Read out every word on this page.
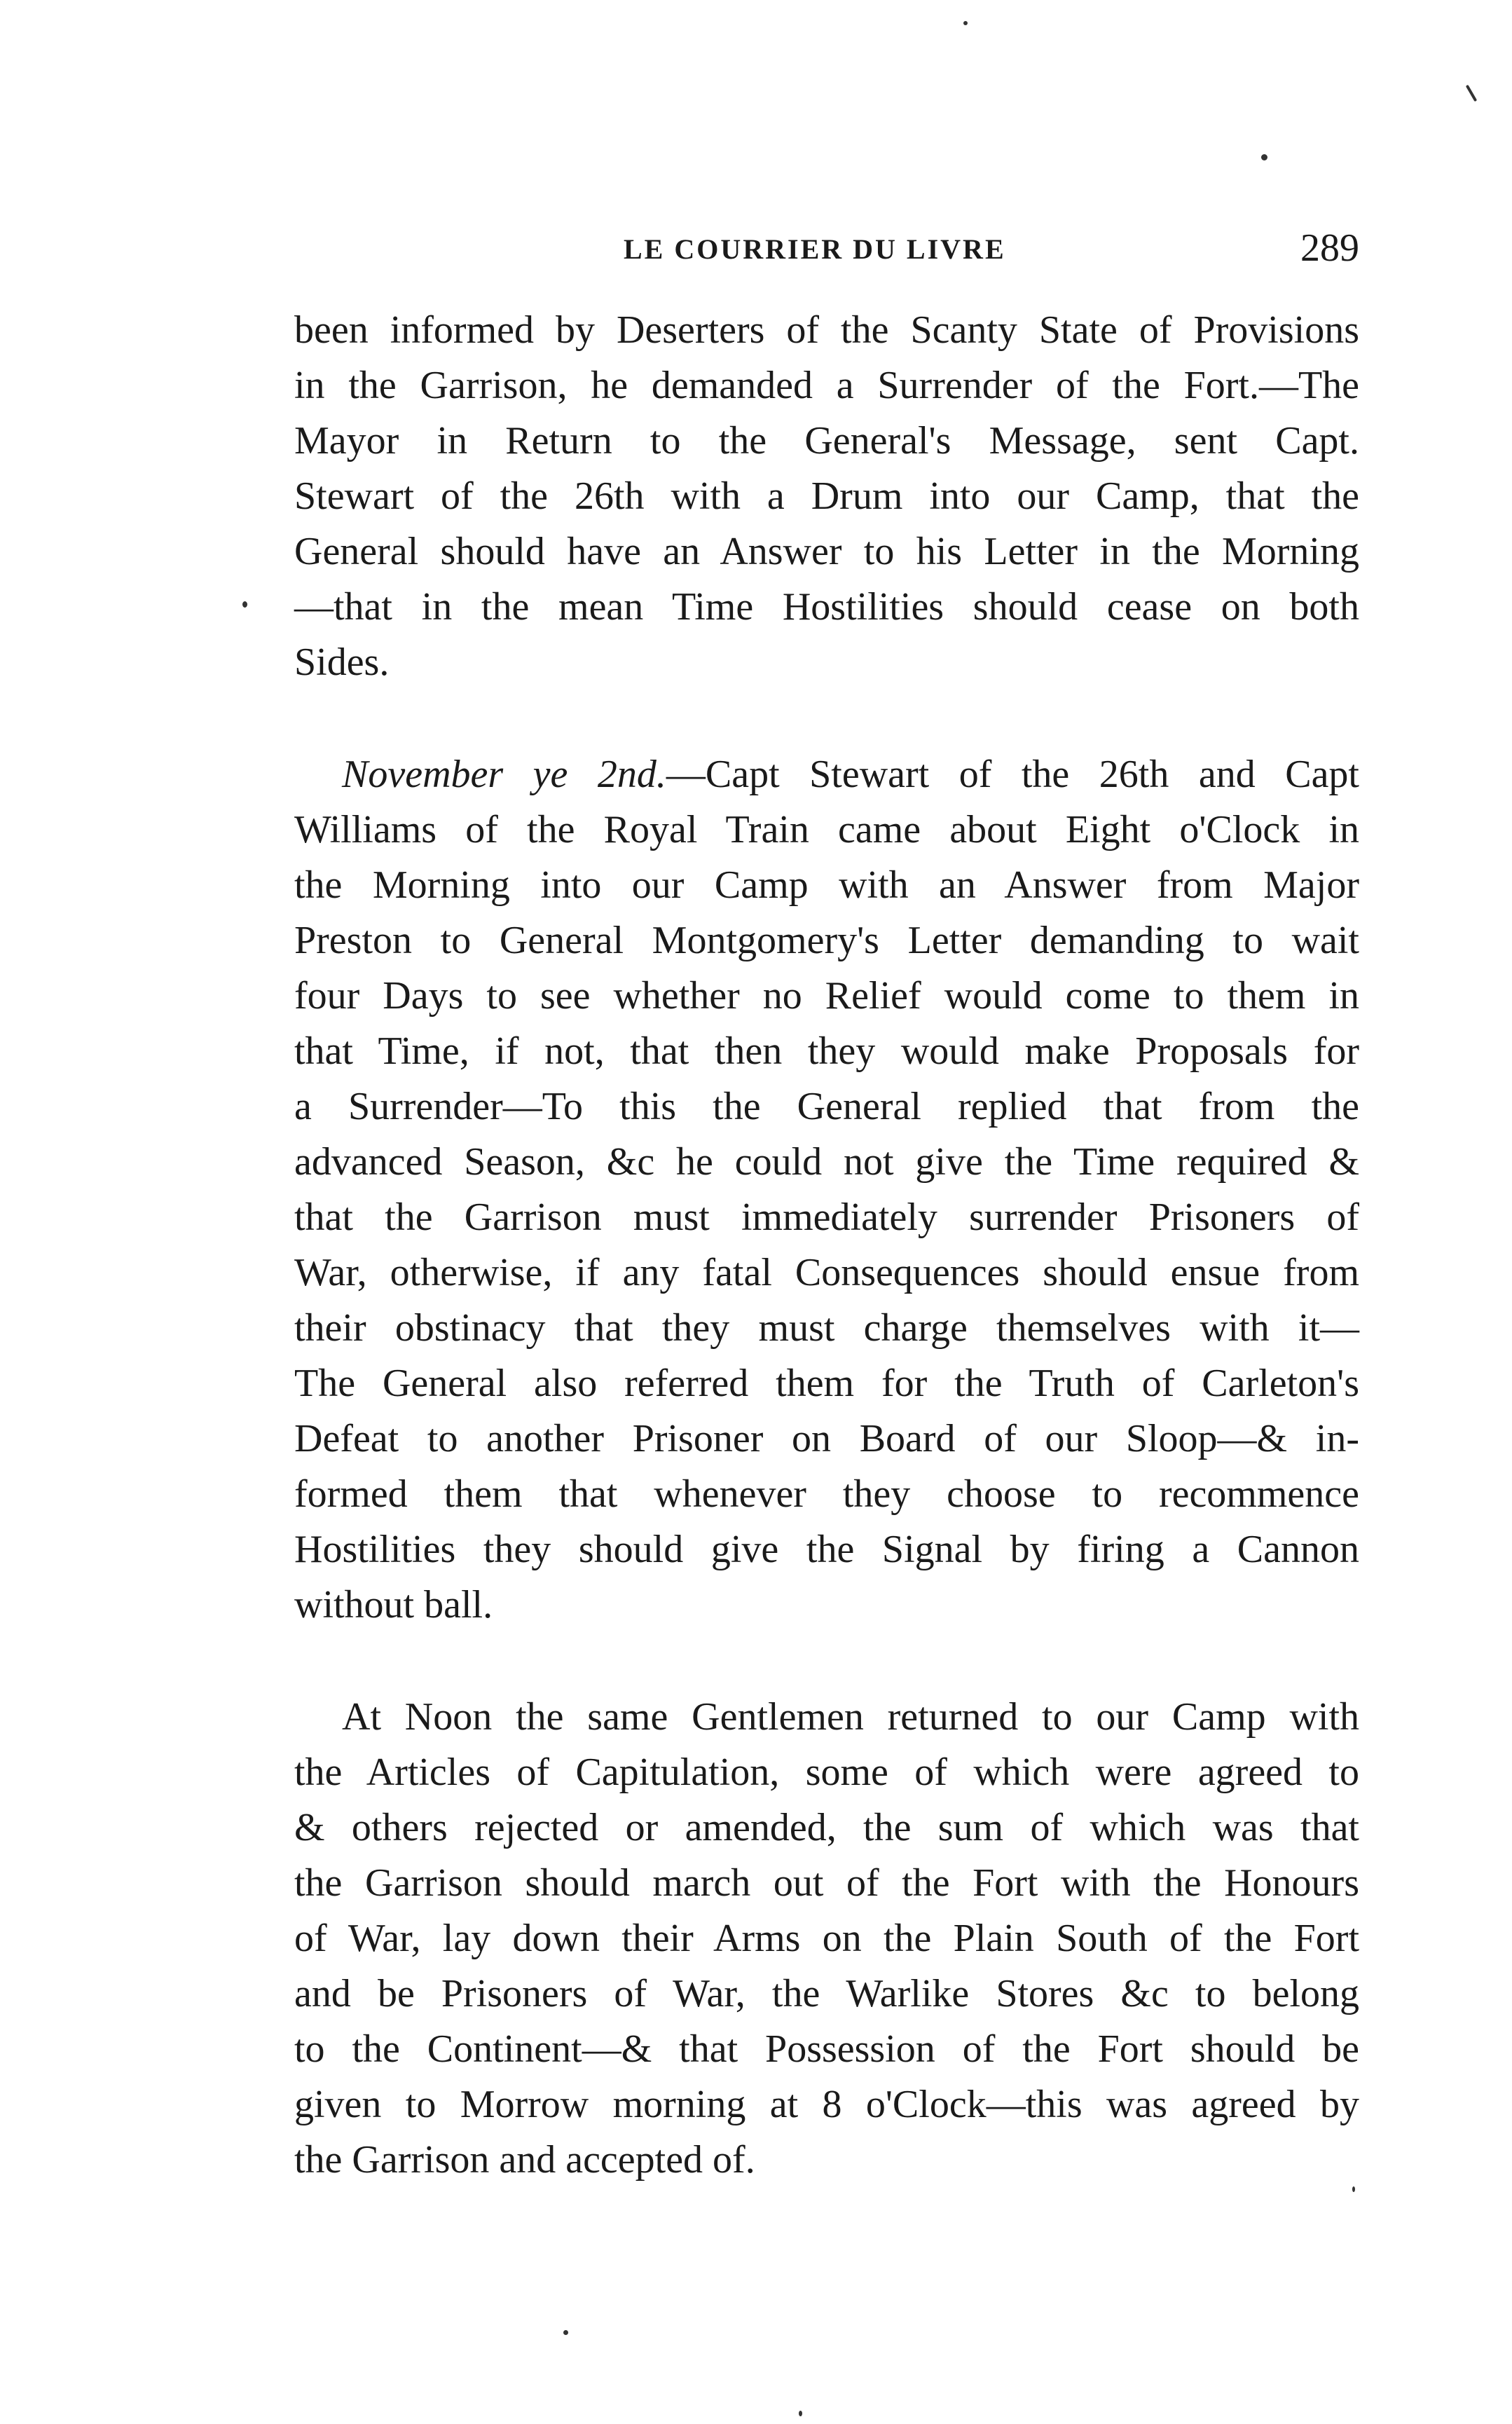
LE COURRIER DU LIVRE	289

been informed by Deserters of the Scanty State of Provisions
in the Garrison, he demanded a Surrender of the Fort.—The
Mayor in Return to the General's Message, sent Capt.
Stewart of the 26th with a Drum into our Camp, that the
General should have an Answer to his Letter in the Morning
—that in the mean Time Hostilities should cease on both
Sides.

November ye 2nd.—Capt Stewart of the 26th and Capt
Williams of the Royal Train came about Eight o'Clock in
the Morning into our Camp with an Answer from Major
Preston to General Montgomery's Letter demanding to wait
four Days to see whether no Relief would come to them in
that Time, if not, that then they would make Proposals for
a Surrender—To this the General replied that from the
advanced Season, &c he could not give the Time required &
that the Garrison must immediately surrender Prisoners of
War, otherwise, if any fatal Consequences should ensue from
their obstinacy that they must charge themselves with it—
The General also referred them for the Truth of Carleton's
Defeat to another Prisoner on Board of our Sloop—& in-
formed them that whenever they choose to recommence
Hostilities they should give the Signal by firing a Cannon
without ball.

At Noon the same Gentlemen returned to our Camp with
the Articles of Capitulation, some of which were agreed to
& others rejected or amended, the sum of which was that
the Garrison should march out of the Fort with the Honours
of War, lay down their Arms on the Plain South of the Fort
and be Prisoners of War, the Warlike Stores &c to belong
to the Continent—& that Possession of the Fort should be
given to Morrow morning at 8 o'Clock—this was agreed by
the Garrison and accepted of.
